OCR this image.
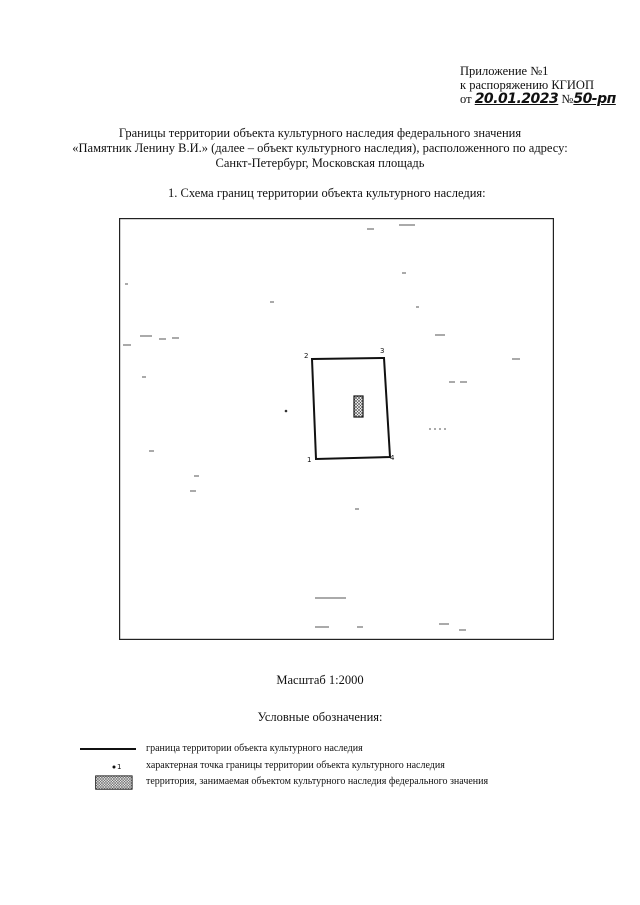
Приложение №1
к распоряжению КГИОП
от 20.01.2023 №50-рп
Границы территории объекта культурного наследия федерального значения
«Памятник Ленину В.И.» (далее – объект культурного наследия), расположенного по адресу:
Санкт-Петербург, Московская площадь
1. Схема границ территории объекта культурного наследия:
1
2
3
4
Масштаб 1:2000
Условные обозначения:
граница территории объекта культурного наследия
1 характерная точка границы территории объекта культурного наследия
территория, занимаемая объектом культурного наследия федерального значения
